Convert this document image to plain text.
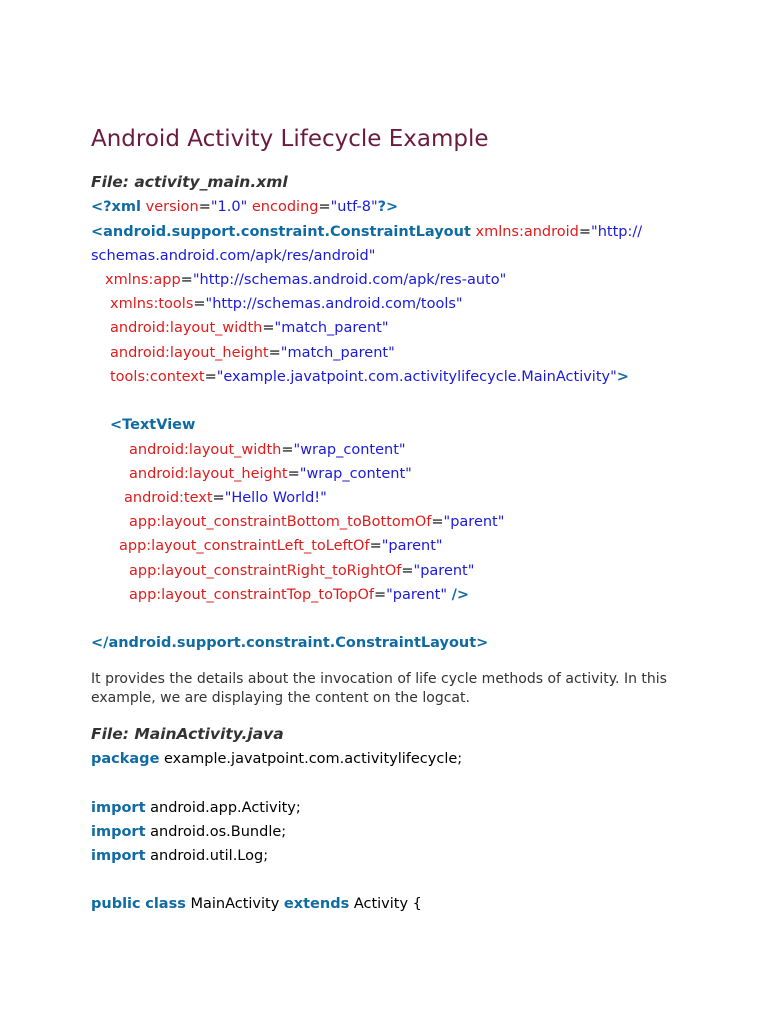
Android Activity Lifecycle Example
File: activity_main.xml
<?xml version="1.0" encoding="utf-8"?>
<android.support.constraint.ConstraintLayout xmlns:android="http://
schemas.android.com/apk/res/android"
xmlns:app="http://schemas.android.com/apk/res-auto"
xmlns:tools="http://schemas.android.com/tools"
android:layout_width="match_parent"
android:layout_height="match_parent"
tools:context="example.javatpoint.com.activitylifecycle.MainActivity">
<TextView
android:layout_width="wrap_content"
android:layout_height="wrap_content"
android:text="Hello World!"
app:layout_constraintBottom_toBottomOf="parent"
app:layout_constraintLeft_toLeftOf="parent"
app:layout_constraintRight_toRightOf="parent"
app:layout_constraintTop_toTopOf="parent" />
</android.support.constraint.ConstraintLayout>
It provides the details about the invocation of life cycle methods of activity. In this example, we are displaying the content on the logcat.
File: MainActivity.java
package example.javatpoint.com.activitylifecycle;
import android.app.Activity;
import android.os.Bundle;
import android.util.Log;
public class MainActivity extends Activity {
